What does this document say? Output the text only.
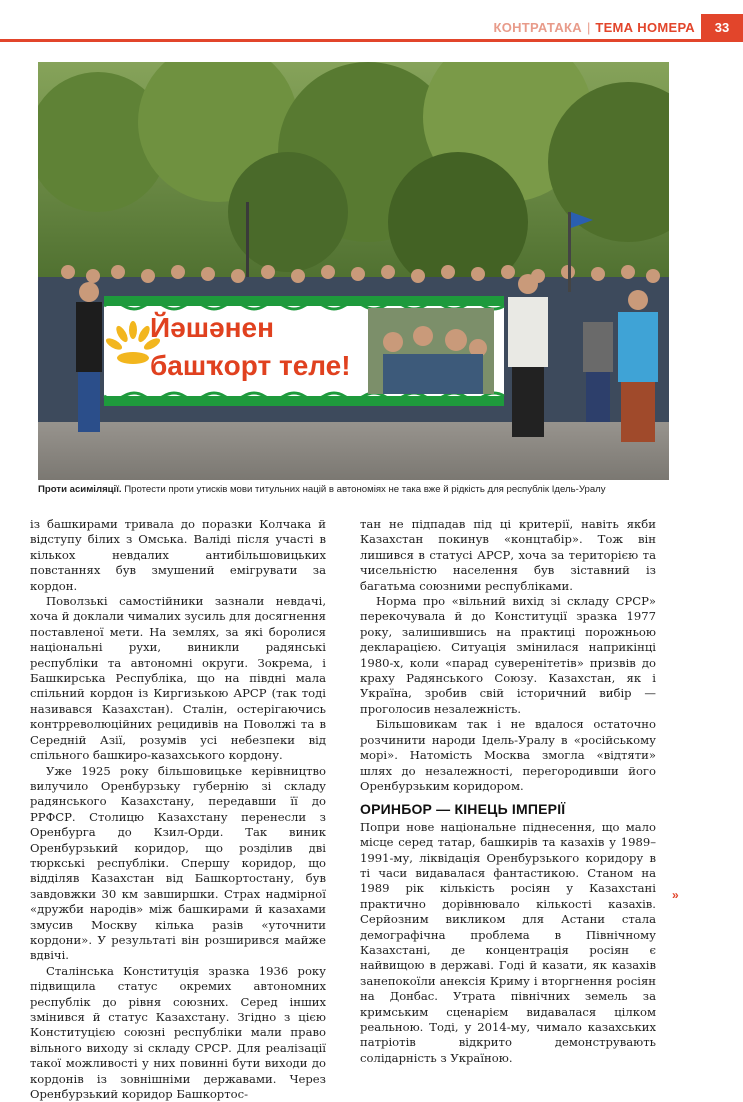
КОНТРАТАКА | ТЕМА НОМЕРА	33
Йәшәнен
башҡорт теле!
Проти асиміляції. Протести проти утисків мови титульних націй в автономіях не така вже й рідкість для республік Ідель-Уралу

із башкирами тривала до поразки Колчака й відступу білих з Омська. Валіді після участі в кількох невдалих антибільшовицьких повстаннях був змушений емігрувати за кордон.

Поволзькі самостійники зазнали невдачі, хоча й доклали чималих зусиль для досягнення поставленої мети. На землях, за які боролися національні рухи, виникли радянські республіки та автономні округи. Зокрема, і Башкирська Республіка, що на півдні мала спільний кордон із Киргизькою АРСР (так тоді називався Казахстан). Сталін, остерігаючись контрреволюційних рецидивів на Поволжі та в Середній Азії, розумів усі небезпеки від спільного башкиро-казахського кордону.

Уже 1925 року більшовицьке керівництво вилучило Оренбурзьку губернію зі складу радянського Казахстану, передавши її до РРФСР. Столицю Казахстану перенесли з Оренбурга до Кзил-Орди. Так виник Оренбурзький коридор, що розділив дві тюркські республіки. Спершу коридор, що відділяв Казахстан від Башкортостану, був завдовжки 30 км завширшки. Страх надмірної «дружби народів» між башкирами й казахами змусив Москву кілька разів «уточнити кордони». У результаті він розширився майже вдвічі.

Сталінська Конституція зразка 1936 року підвищила статус окремих автономних республік до рівня союзних. Серед інших змінився й статус Казахстану. Згідно з цією Конституцією союзні республіки мали право вільного виходу зі складу СРСР. Для реалізації такої можливості у них повинні бути виходи до кордонів із зовнішніми державами. Через Оренбурзький коридор Башкортос-

тан не підпадав під ці критерії, навіть якби Казахстан покинув «концтабір». Тож він лишився в статусі АРСР, хоча за територією та чисельністю населення був зіставний із багатьма союзними республіками.

Норма про «вільний вихід зі складу СРСР» перекочувала й до Конституції зразка 1977 року, залишившись на практиці порожньою декларацією. Ситуація змінилася наприкінці 1980-х, коли «парад суверенітетів» призвів до краху Радянського Союзу. Казахстан, як і Україна, зробив свій історичний вибір — проголосив незалежність.

Більшовикам так і не вдалося остаточно розчинити народи Ідель-Уралу в «російському морі». Натомість Москва змогла «відтяти» шлях до незалежності, перегородивши його Оренбурзьким коридором.

ОРИНБОР — КІНЕЦЬ ІМПЕРІЇ

Попри нове національне піднесення, що мало місце серед татар, башкирів та казахів у 1989–1991-му, ліквідація Оренбурзького коридору в ті часи видавалася фантастикою. Станом на 1989 рік кількість росіян у Казахстані практично дорівнювало кількості казахів. Серйозним викликом для Астани стала демографічна проблема в Північному Казахстані, де концентрація росіян є найвищою в державі. Годі й казати, як казахів занепокоїли анексія Криму і вторгнення росіян на Донбас. Утрата північних земель за кримським сценарієм видавалася цілком реальною. Тоді, у 2014-му, чимало казахських патріотів відкрито демонструвають солідарність з Україною.

»
